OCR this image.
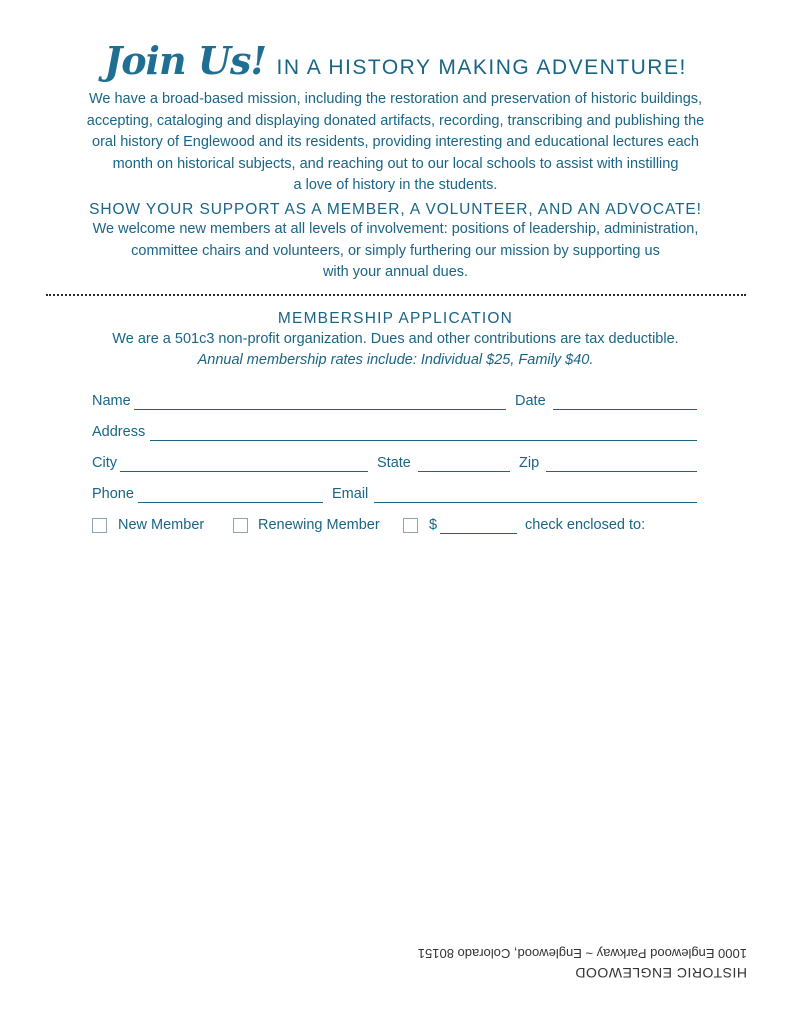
Join Us! IN A HISTORY MAKING ADVENTURE!
We have a broad-based mission, including the restoration and preservation of historic buildings,
accepting, cataloging and displaying donated artifacts, recording, transcribing and publishing the
oral history of Englewood and its residents, providing interesting and educational lectures each
month on historical subjects, and reaching out to our local schools to assist with instilling
a love of history in the students.
SHOW YOUR SUPPORT AS A MEMBER, A VOLUNTEER, AND AN ADVOCATE!
We welcome new members at all levels of involvement: positions of leadership, administration,
committee chairs and volunteers, or simply furthering our mission by supporting us
with your annual dues.
MEMBERSHIP APPLICATION
We are a 501c3 non-profit organization. Dues and other contributions are tax deductible.
Annual membership rates include: Individual $25, Family $40.
Name	Date
Address
City	State	Zip
Phone	Email
New Member	Renewing Member	$	check enclosed to:
HISTORIC ENGLEWOOD
1000 Englewood Parkway ~ Englewood, Colorado 80151
